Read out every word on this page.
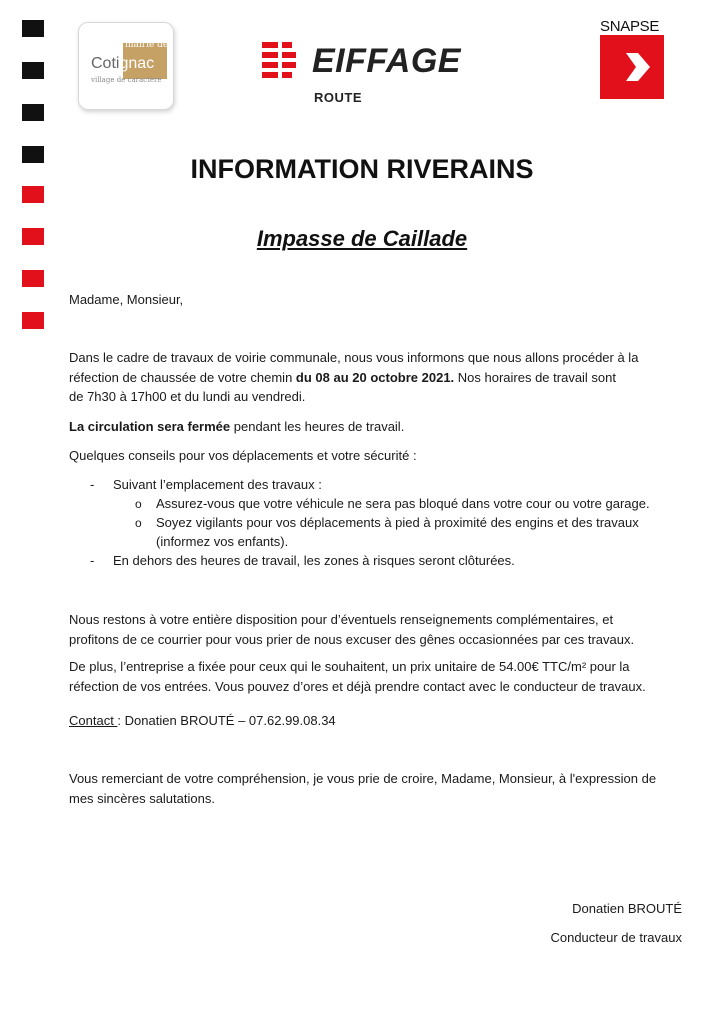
mairie de
Cotignac
village de caractère	EIFFAGE
ROUTE
SNAPSE
INFORMATION RIVERAINS
Impasse de Caillade

Madame, Monsieur,

Dans le cadre de travaux de voirie communale, nous vous informons que nous allons procéder à la

réfection de chaussée de votre chemin du 08 au 20 octobre 2021. Nos horaires de travail sont

de 7h30 à 17h00 et du lundi au vendredi.

La circulation sera fermée pendant les heures de travail.

Quelques conseils pour vos déplacements et votre sécurité :

- Suivant l’emplacement des travaux :

o Assurez-vous que votre véhicule ne sera pas bloqué dans votre cour ou votre garage.

o Soyez vigilants pour vos déplacements à pied à proximité des engins et des travaux

(informez vos enfants).

- En dehors des heures de travail, les zones à risques seront clôturées.

Nous restons à votre entière disposition pour d’éventuels renseignements complémentaires, et

profitons de ce courrier pour vous prier de nous excuser des gênes occasionnées par ces travaux.

De plus, l’entreprise a fixée pour ceux qui le souhaitent, un prix unitaire de 54.00€ TTC/m² pour la

réfection de vos entrées. Vous pouvez d’ores et déjà prendre contact avec le conducteur de travaux.

Contact : Donatien BROUTÉ – 07.62.99.08.34

Vous remerciant de votre compréhension, je vous prie de croire, Madame, Monsieur, à l'expression de

mes sincères salutations.

Donatien BROUTÉ

Conducteur de travaux
